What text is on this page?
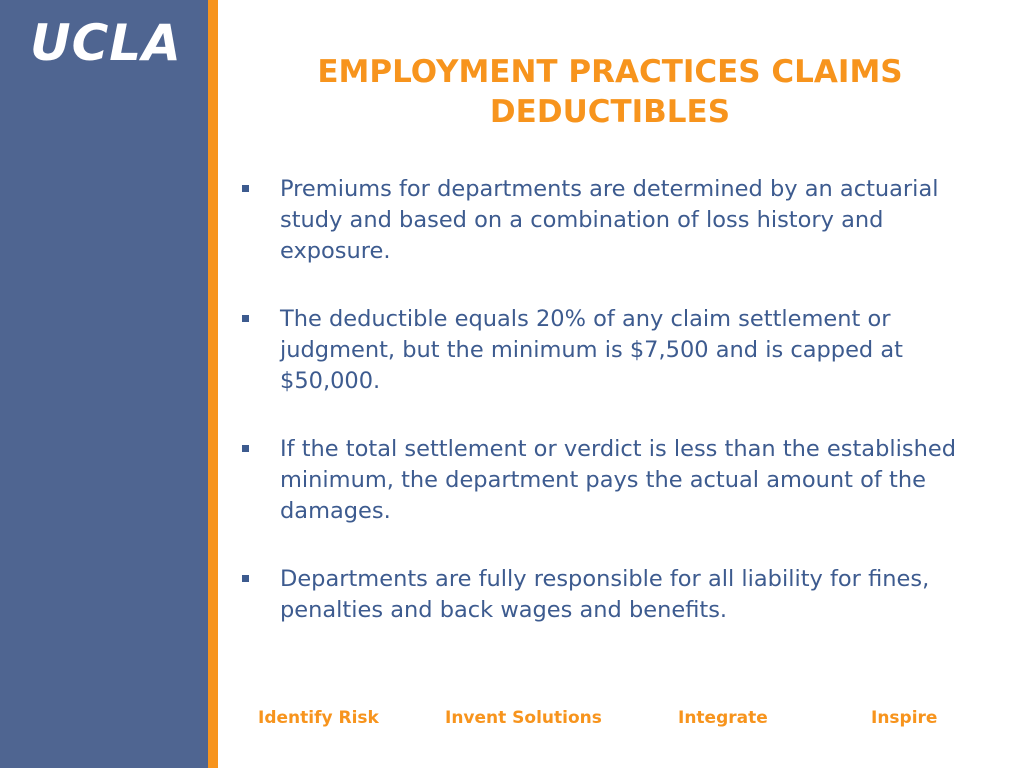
UCLA	EMPLOYMENT PRACTICES CLAIMS DEDUCTIBLES
Premiums for departments are determined by an actuarial study and based on a combination of loss history and exposure.
The deductible equals 20% of any claim settlement or judgment, but the minimum is $7,500 and is capped at $50,000.
If the total settlement or verdict is less than the established minimum, the department pays the actual amount of the damages.
Departments are fully responsible for all liability for fines, penalties and back wages and benefits.
Identify Risk	Invent Solutions	Integrate	Inspire
